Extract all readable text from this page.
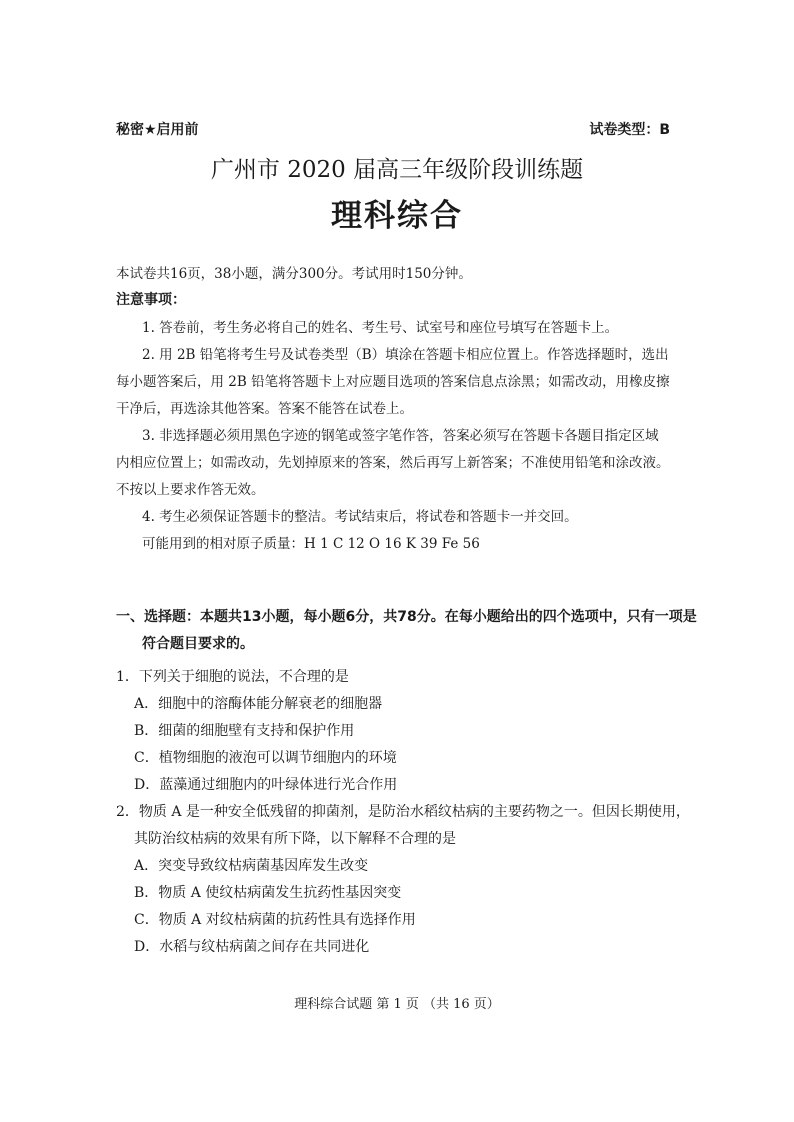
秘密★启用前	试卷类型：B
广州市 2020 届高三年级阶段训练题
理科综合
本试卷共16页，38小题，满分300分。考试用时150分钟。
注意事项：
1. 答卷前，考生务必将自己的姓名、考生号、试室号和座位号填写在答题卡上。
2. 用 2B 铅笔将考生号及试卷类型（B）填涂在答题卡相应位置上。作答选择题时，选出
每小题答案后，用 2B 铅笔将答题卡上对应题目选项的答案信息点涂黑；如需改动，用橡皮擦
干净后，再选涂其他答案。答案不能答在试卷上。
3. 非选择题必须用黑色字迹的钢笔或签字笔作答，答案必须写在答题卡各题目指定区域
内相应位置上；如需改动，先划掉原来的答案，然后再写上新答案；不准使用铅笔和涂改液。
不按以上要求作答无效。
4. 考生必须保证答题卡的整洁。考试结束后，将试卷和答题卡一并交回。
可能用到的相对原子质量：H 1 C 12 O 16 K 39 Fe 56
一、选择题：本题共13小题，每小题6分，共78分。在每小题给出的四个选项中，只有一项是
符合题目要求的。
1．下列关于细胞的说法，不合理的是
A．细胞中的溶酶体能分解衰老的细胞器
B．细菌的细胞壁有支持和保护作用
C．植物细胞的液泡可以调节细胞内的环境
D．蓝藻通过细胞内的叶绿体进行光合作用
2．物质 A 是一种安全低残留的抑菌剂，是防治水稻纹枯病的主要药物之一。但因长期使用，
其防治纹枯病的效果有所下降，以下解释不合理的是
A．突变导致纹枯病菌基因库发生改变
B．物质 A 使纹枯病菌发生抗药性基因突变
C．物质 A 对纹枯病菌的抗药性具有选择作用
D．水稻与纹枯病菌之间存在共同进化
理科综合试题 第 1 页 （共 16 页）
